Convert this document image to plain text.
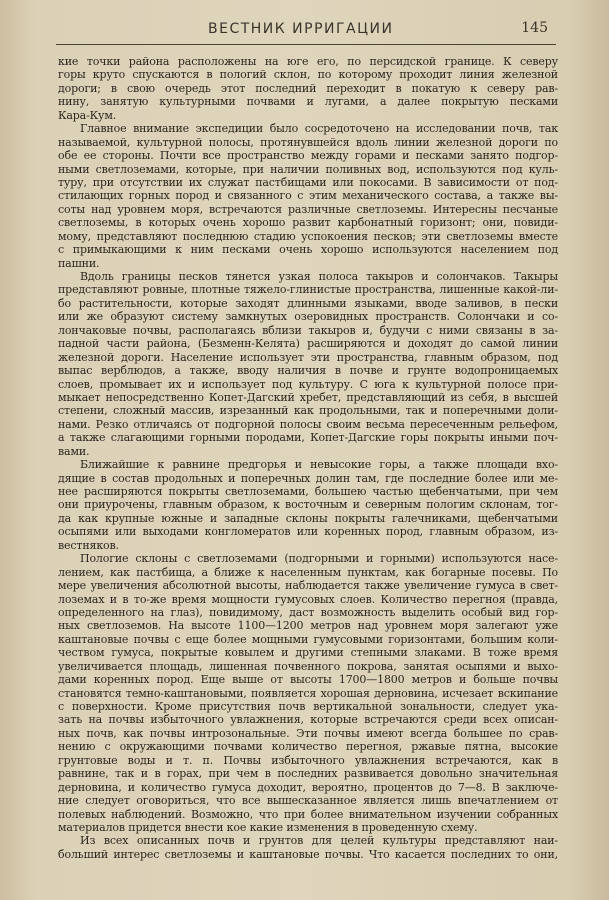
ВЕСТНИК ИРРИГАЦИИ	145
кие точки района расположены на юге его, по персидской границе. К северу
горы круто спускаются в пологий склон, по которому проходит линия железной
дороги; в свою очередь этот последний переходит в покатую к северу рав-
нину, занятую культурными почвами и лугами, а далее покрытую песками
Кара-Кум.
Главное внимание экспедиции было сосредоточено на исследовании почв, так
называемой, культурной полосы, протянувшейся вдоль линии железной дороги по
обе ее стороны. Почти все пространство между горами и песками занято подгор-
ными светлоземами, которые, при наличии поливных вод, используются под куль-
туру, при отсутствии их служат пастбищами или покосами. В зависимости от под-
стилающих горных пород и связанного с этим механического состава, а также вы-
соты над уровнем моря, встречаются различные светлоземы. Интересны песчаные
светлоземы, в которых очень хорошо развит карбонатный горизонт; они, повиди-
мому, представляют последнюю стадию успокоения песков; эти светлоземы вместе
с примыкающими к ним песками очень хорошо используются населением под
пашни.
Вдоль границы песков тянется узкая полоса такыров и солончаков. Такыры
представляют ровные, плотные тяжело-глинистые пространства, лишенные какой-ли-
бо растительности, которые заходят длинными языками, вводе заливов, в пески
или же образуют систему замкнутых озеровидных пространств. Солончаки и со-
лончаковые почвы, располагаясь вблизи такыров и, будучи с ними связаны в за-
падной части района, (Безменн-Келята) расширяются и доходят до самой линии
железной дороги. Население использует эти пространства, главным образом, под
выпас верблюдов, а также, вводу наличия в почве и грунте водопроницаемых
слоев, промывает их и использует под культуру. С юга к культурной полосе при-
мыкает непосредственно Копет-Дагский хребет, представляющий из себя, в высшей
степени, сложный массив, изрезанный как продольными, так и поперечными доли-
нами. Резко отличаясь от подгорной полосы своим весьма пересеченным рельефом,
а также слагающими горными породами, Копет-Дагские горы покрыты иными поч-
вами.
Ближайшие к равнине предгорья и невысокие горы, а также площади вхо-
дящие в состав продольных и поперечных долин там, где последние более или ме-
нее расширяются покрыты светлоземами, большею частью щебенчатыми, при чем
они приурочены, главным образом, к восточным и северным пологим склонам, тог-
да как крупные южные и западные склоны покрыты галечниками, щебенчатыми
осыпями или выходами конгломератов или коренных пород, главным образом, из-
вестняков.
Пологие склоны с светлоземами (подгорными и горными) используются насе-
лением, как пастбища, а ближе к населенным пунктам, как богарные посевы. По
мере увеличения абсолютной высоты, наблюдается также увеличение гумуса в свет-
лоземах и в то-же время мощности гумусовых слоев. Количество перегноя (правда,
определенного на глаз), повидимому, даст возможность выделить особый вид гор-
ных светлоземов. На высоте 1100—1200 метров над уровнем моря залегают уже
каштановые почвы с еще более мощными гумусовыми горизонтами, большим коли-
чеством гумуса, покрытые ковылем и другими степными злаками. В тоже время
увеличивается площадь, лишенная почвенного покрова, занятая осыпями и выхо-
дами коренных пород. Еще выше от высоты 1700—1800 метров и больше почвы
становятся темно-каштановыми, появляется хорошая дерновина, исчезает вскипание
с поверхности. Кроме присутствия почв вертикальной зональности, следует ука-
зать на почвы избыточного увлажнения, которые встречаются среди всех описан-
ных почв, как почвы интрозональные. Эти почвы имеют всегда большее по срав-
нению с окружающими почвами количество перегноя, ржавые пятна, высокие
грунтовые воды и т. п. Почвы избыточного увлажнения встречаются, как в
равнине, так и в горах, при чем в последних развивается довольно значительная
дерновина, и количество гумуса доходит, вероятно, процентов до 7—8. В заключе-
ние следует оговориться, что все вышесказанное является лишь впечатлением от
полевых наблюдений. Возможно, что при более внимательном изучении собранных
материалов придется внести кое какие изменения в проведенную схему.
Из всех описанных почв и грунтов для целей культуры представляют наи-
больший интерес светлоземы и каштановые почвы. Что касается последних то они,
